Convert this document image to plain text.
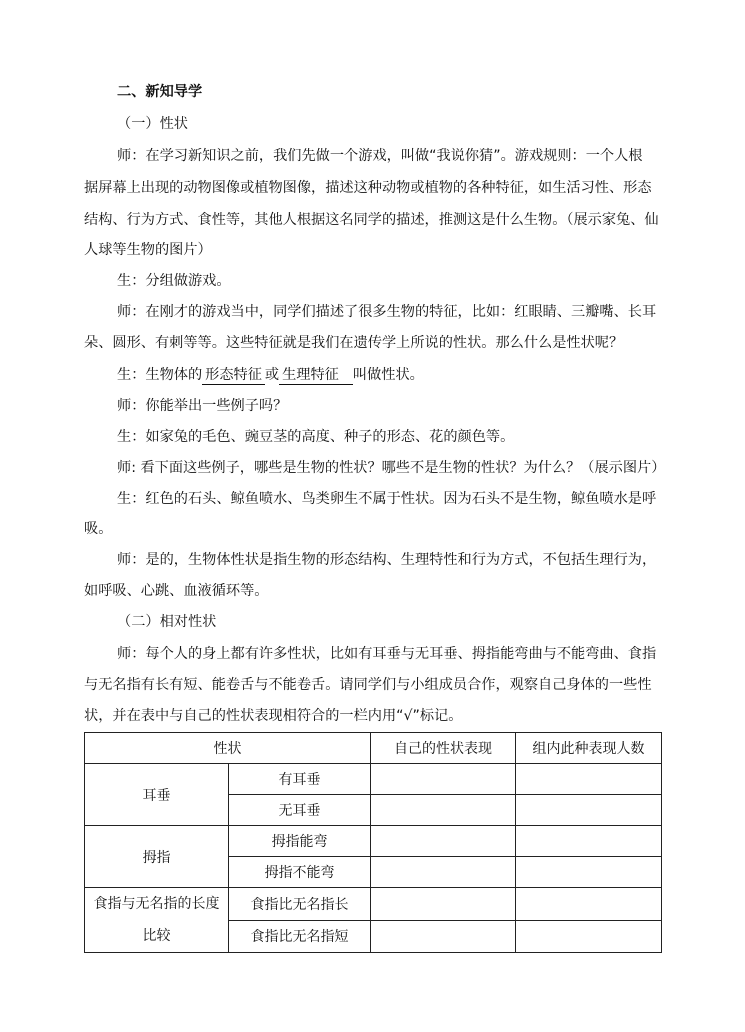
二、新知导学
（一）性状
师：在学习新知识之前，我们先做一个游戏，叫做“我说你猜”。游戏规则：一个人根
据屏幕上出现的动物图像或植物图像，描述这种动物或植物的各种特征，如生活习性、形态
结构、行为方式、食性等，其他人根据这名同学的描述，推测这是什么生物。（展示家兔、仙
人球等生物的图片）
生：分组做游戏。
师：在刚才的游戏当中，同学们描述了很多生物的特征，比如：红眼睛、三瓣嘴、长耳
朵、圆形、有刺等等。这些特征就是我们在遗传学上所说的性状。那么什么是性状呢？
生：生物体的 形态特征 或 生理特征 叫做性状。
师：你能举出一些例子吗？
生：如家兔的毛色、豌豆茎的高度、种子的形态、花的颜色等。
师: 看下面这些例子，哪些是生物的性状？哪些不是生物的性状？为什么？（展示图片）
生：红色的石头、鲸鱼喷水、鸟类卵生不属于性状。因为石头不是生物，鲸鱼喷水是呼
吸。
师：是的，生物体性状是指生物的形态结构、生理特性和行为方式，不包括生理行为，
如呼吸、心跳、血液循环等。
（二）相对性状
师：每个人的身上都有许多性状，比如有耳垂与无耳垂、拇指能弯曲与不能弯曲、食指
与无名指有长有短、能卷舌与不能卷舌。请同学们与小组成员合作，观察自己身体的一些性
状，并在表中与自己的性状表现相符合的一栏内用“√”标记。
性状		自己的性状表现	组内此种表现人数
耳垂	有耳垂		
	无耳垂		
拇指	拇指能弯		
	拇指不能弯		
食指与无名指的长度
比较	食指比无名指长		
	食指比无名指短		
